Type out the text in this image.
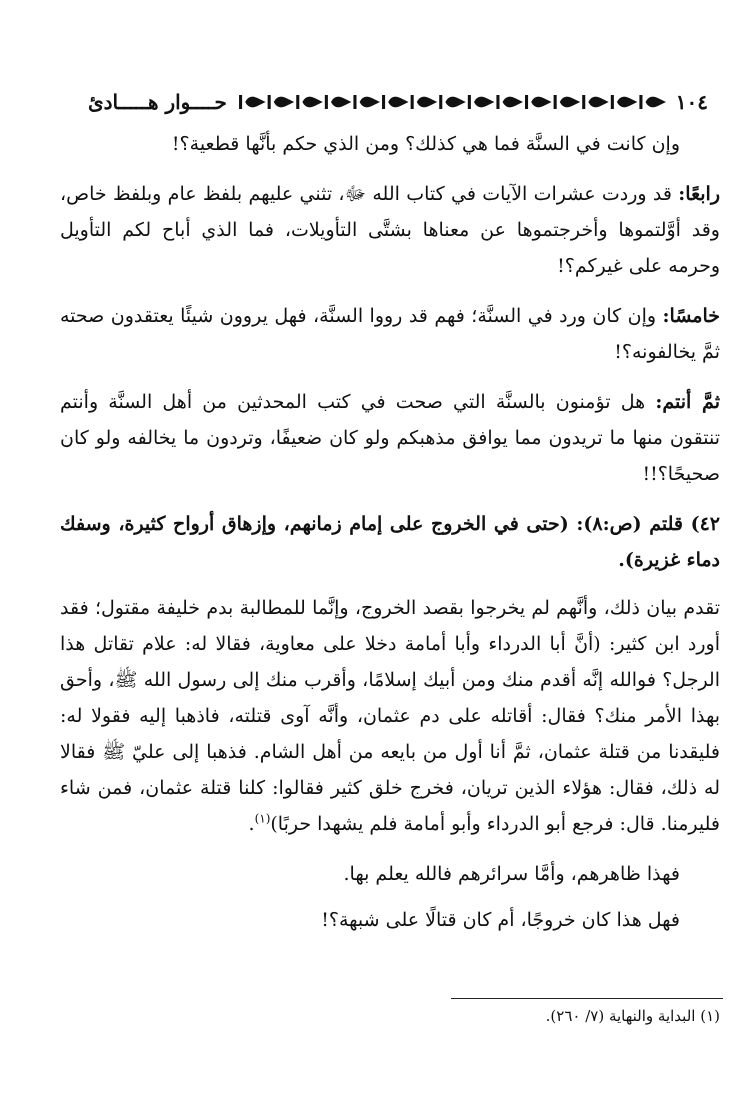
١٠٤
حــــوار هـــــادئ

وإن كانت في السنَّة فما هي كذلك؟ ومن الذي حكم بأنَّها قطعية؟!

رابعًا: قد وردت عشرات الآيات في كتاب الله ﷻ، تثني عليهم بلفظ عام وبلفظ خاص، وقد أوَّلتموها وأخرجتموها عن معناها بشتَّى التأويلات، فما الذي أباح لكم التأويل وحرمه على غيركم؟!

خامسًا: وإن كان ورد في السنَّة؛ فهم قد رووا السنَّة، فهل يروون شيئًا يعتقدون صحته ثمَّ يخالفونه؟!

ثمَّ أنتم: هل تؤمنون بالسنَّة التي صحت في كتب المحدثين من أهل السنَّة وأنتم تنتقون منها ما تريدون مما يوافق مذهبكم ولو كان ضعيفًا، وتردون ما يخالفه ولو كان صحيحًا؟!!

٤٢) قلتم (ص:٨): (حتى في الخروج على إمام زمانهم، وإزهاق أرواح كثيرة، وسفك دماء غزيرة).

تقدم بيان ذلك، وأنَّهم لم يخرجوا بقصد الخروج، وإنَّما للمطالبة بدم خليفة مقتول؛ فقد أورد ابن كثير: (أنَّ أبا الدرداء وأبا أمامة دخلا على معاوية، فقالا له: علام تقاتل هذا الرجل؟ فوالله إنَّه أقدم منك ومن أبيك إسلامًا، وأقرب منك إلى رسول الله ﷺ، وأحق بهذا الأمر منك؟ فقال: أقاتله على دم عثمان، وأنَّه آوى قتلته، فاذهبا إليه فقولا له: فليقدنا من قتلة عثمان، ثمَّ أنا أول من بايعه من أهل الشام. فذهبا إلى عليّ ﷺ فقالا له ذلك، فقال: هؤلاء الذين تريان، فخرج خلق كثير فقالوا: كلنا قتلة عثمان، فمن شاء فليرمنا. قال: فرجع أبو الدرداء وأبو أمامة فلم يشهدا حربًا)$^{(١)}$.

فهذا ظاهرهم، وأمَّا سرائرهم فالله يعلم بها.

فهل هذا كان خروجًا، أم كان قتالًا على شبهة؟!

(١) البداية والنهاية (٧/ ٢٦٠).
